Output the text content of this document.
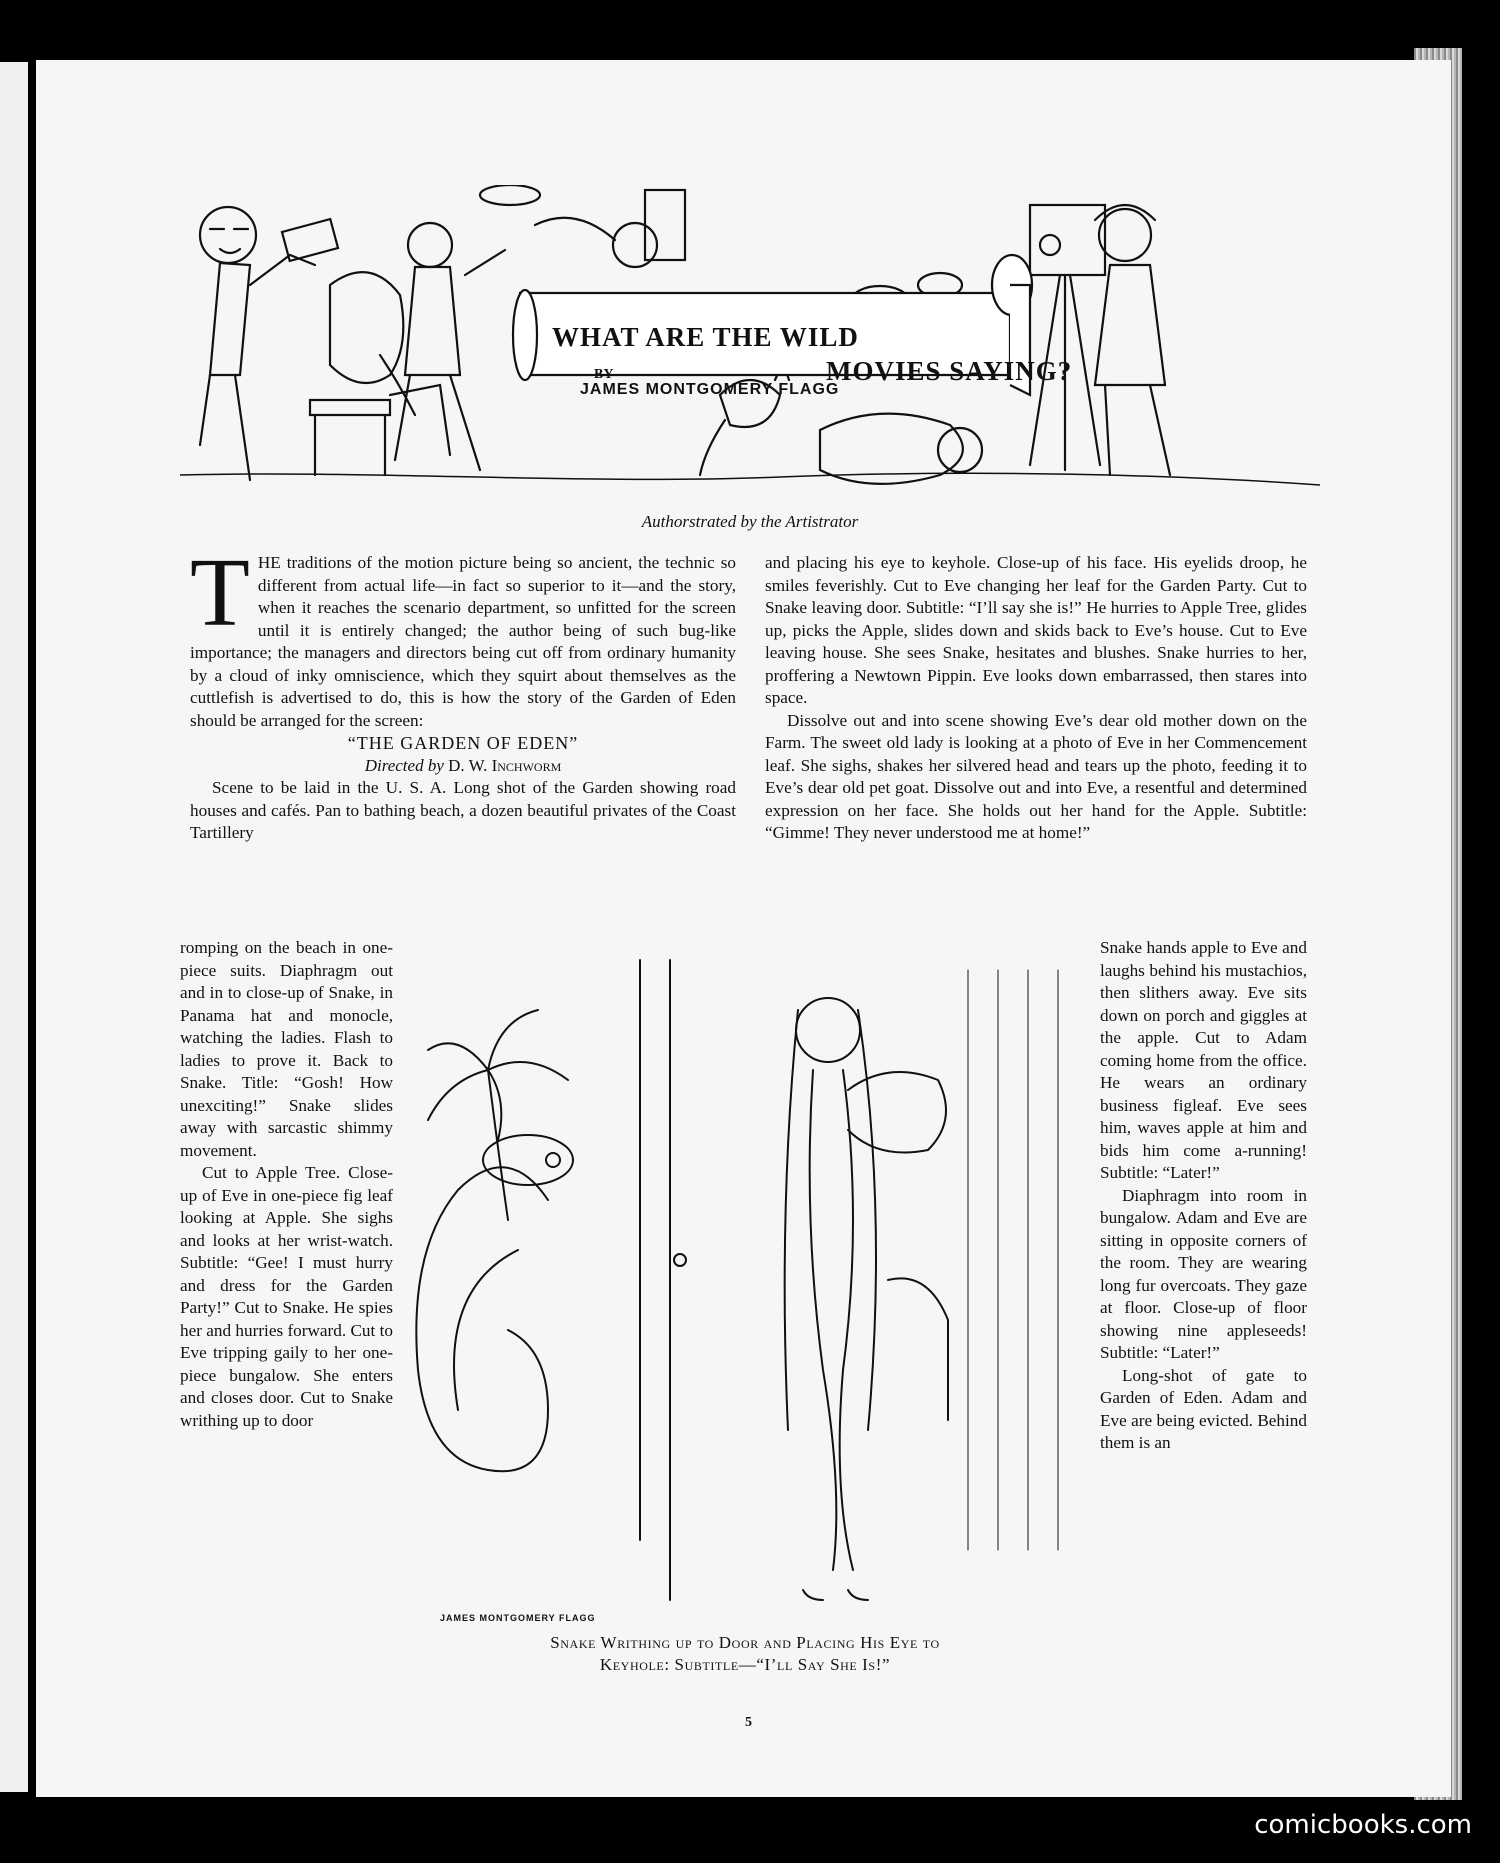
WHAT ARE THE WILD
BY	MOVIES SAYING?
JAMES MONTGOMERY FLAGG
Authorstrated by the Artistrator
T HE traditions of the motion picture being so ancient, the technic so different from actual life—in fact so superior to it—and the story, when it reaches the scenario department, so unfitted for the screen until it is entirely changed; the author being of such bug-like importance; the managers and directors being cut off from ordinary humanity by a cloud of inky omniscience, which they squirt about themselves as the cuttlefish is advertised to do, this is how the story of the Garden of Eden should be arranged for the screen:

“THE GARDEN OF EDEN”

Directed by D. W. Inchworm

Scene to be laid in the U. S. A. Long shot of the Garden showing road houses and cafés. Pan to bathing beach, a dozen beautiful privates of the Coast Tartillery

and placing his eye to keyhole. Close-up of his face. His eyelids droop, he smiles feverishly. Cut to Eve changing her leaf for the Garden Party. Cut to Snake leaving door. Subtitle: “I’ll say she is!” He hurries to Apple Tree, glides up, picks the Apple, slides down and skids back to Eve’s house. Cut to Eve leaving house. She sees Snake, hesitates and blushes. Snake hurries to her, proffering a Newtown Pippin. Eve looks down embarrassed, then stares into space.

Dissolve out and into scene showing Eve’s dear old mother down on the Farm. The sweet old lady is looking at a photo of Eve in her Commencement leaf. She sighs, shakes her silvered head and tears up the photo, feeding it to Eve’s dear old pet goat. Dissolve out and into Eve, a resentful and determined expression on her face. She holds out her hand for the Apple. Subtitle: “Gimme! They never understood me at home!”

romping on the beach in one-piece suits. Diaphragm out and in to close-up of Snake, in Panama hat and monocle, watching the ladies. Flash to ladies to prove it. Back to Snake. Title: “Gosh! How unexciting!” Snake slides away with sarcastic shimmy movement.

Cut to Apple Tree. Close-up of Eve in one-piece fig leaf looking at Apple. She sighs and looks at her wrist-watch. Subtitle: “Gee! I must hurry and dress for the Garden Party!” Cut to Snake. He spies her and hurries forward. Cut to Eve tripping gaily to her one-piece bungalow. She enters and closes door. Cut to Snake writhing up to door

Snake hands apple to Eve and laughs behind his mustachios, then slithers away. Eve sits down on porch and giggles at the apple. Cut to Adam coming home from the office. He wears an ordinary business figleaf. Eve sees him, waves apple at him and bids him come a-running! Subtitle: “Later!”

Diaphragm into room in bungalow. Adam and Eve are sitting in opposite corners of the room. They are wearing long fur overcoats. They gaze at floor. Close-up of floor showing nine appleseeds! Subtitle: “Later!”

Long-shot of gate to Garden of Eden. Adam and Eve are being evicted. Behind them is an

JAMES MONTGOMERY FLAGG
Snake Writhing up to Door and Placing His Eye to
Keyhole: Subtitle—“I’ll Say She Is!”
5
comicbooks.com
